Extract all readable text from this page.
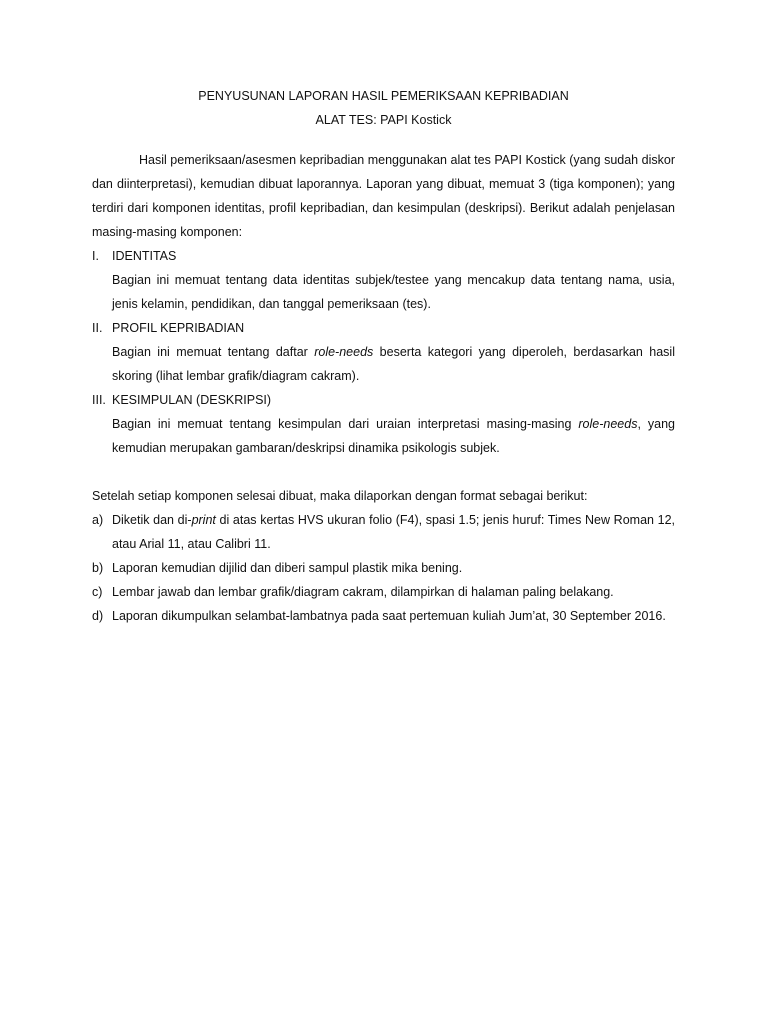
PENYUSUNAN LAPORAN HASIL PEMERIKSAAN KEPRIBADIAN
ALAT TES: PAPI Kostick

Hasil pemeriksaan/asesmen kepribadian menggunakan alat tes PAPI Kostick (yang sudah diskor dan diinterpretasi), kemudian dibuat laporannya. Laporan yang dibuat, memuat 3 (tiga komponen); yang terdiri dari komponen identitas, profil kepribadian, dan kesimpulan (deskripsi). Berikut adalah penjelasan masing-masing komponen:

I. IDENTITAS

Bagian ini memuat tentang data identitas subjek/testee yang mencakup data tentang nama, usia, jenis kelamin, pendidikan, dan tanggal pemeriksaan (tes).

II. PROFIL KEPRIBADIAN

Bagian ini memuat tentang daftar role-needs beserta kategori yang diperoleh, berdasarkan hasil skoring (lihat lembar grafik/diagram cakram).

III. KESIMPULAN (DESKRIPSI)

Bagian ini memuat tentang kesimpulan dari uraian interpretasi masing-masing role-needs, yang kemudian merupakan gambaran/deskripsi dinamika psikologis subjek.

Setelah setiap komponen selesai dibuat, maka dilaporkan dengan format sebagai berikut:

a) Diketik dan di-print di atas kertas HVS ukuran folio (F4), spasi 1.5; jenis huruf: Times New Roman 12, atau Arial 11, atau Calibri 11.

b) Laporan kemudian dijilid dan diberi sampul plastik mika bening.

c) Lembar jawab dan lembar grafik/diagram cakram, dilampirkan di halaman paling belakang.

d) Laporan dikumpulkan selambat-lambatnya pada saat pertemuan kuliah Jum’at, 30 September 2016.
